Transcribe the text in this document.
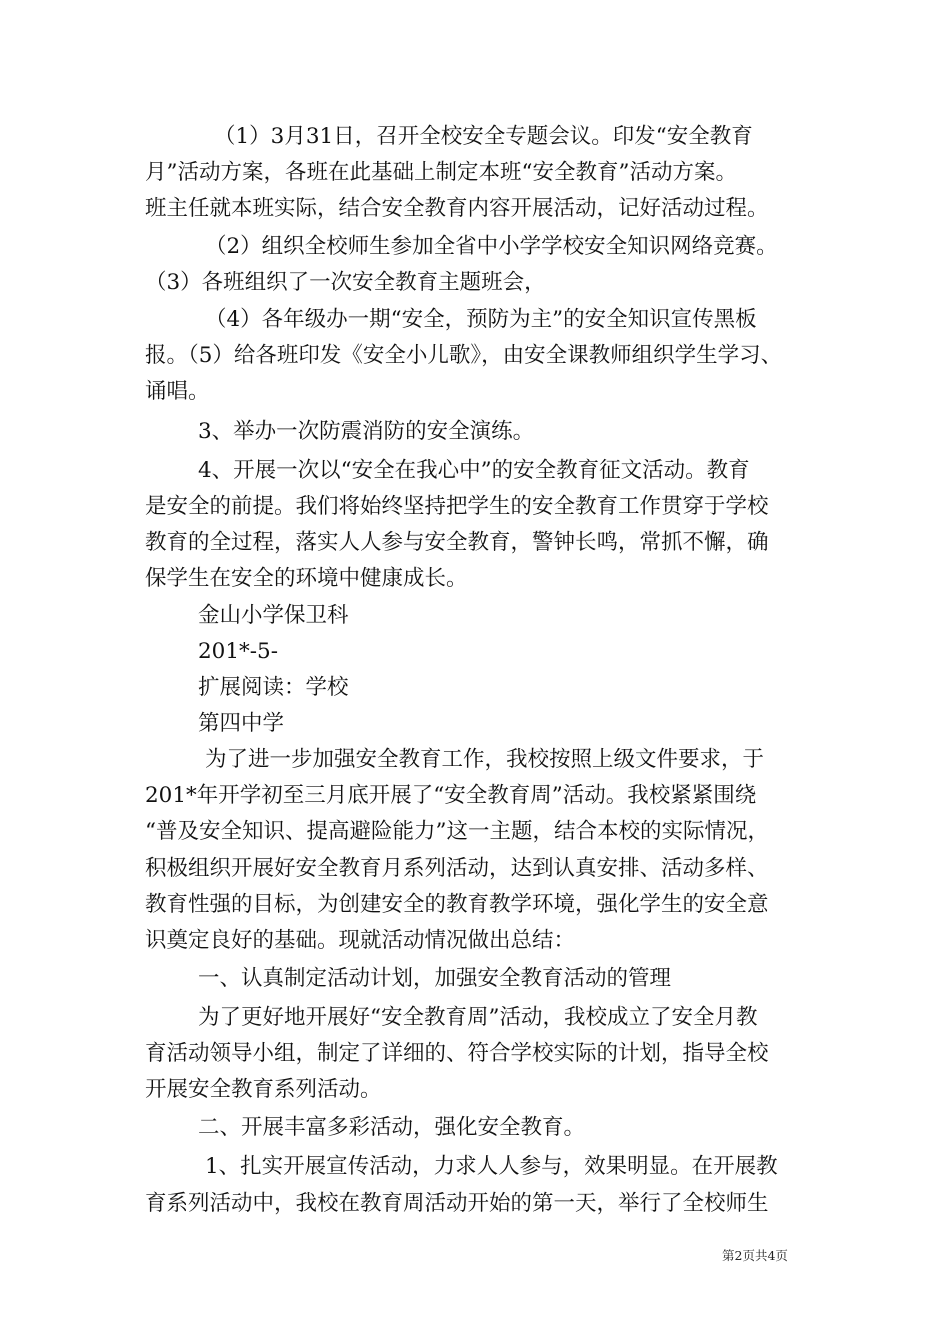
（1）3月31日，召开全校安全专题会议。印发“安全教育
月”活动方案，各班在此基础上制定本班“安全教育”活动方案。
班主任就本班实际，结合安全教育内容开展活动，记好活动过程。
（2）组织全校师生参加全省中小学学校安全知识网络竞赛。
（3）各班组织了一次安全教育主题班会，
（4）各年级办一期“安全，预防为主”的安全知识宣传黑板
报。（5）给各班印发《安全小儿歌》，由安全课教师组织学生学习、
诵唱。
3、举办一次防震消防的安全演练。
4、开展一次以“安全在我心中”的安全教育征文活动。教育
是安全的前提。我们将始终坚持把学生的安全教育工作贯穿于学校
教育的全过程，落实人人参与安全教育，警钟长鸣，常抓不懈，确
保学生在安全的环境中健康成长。
金山小学保卫科
201*-5-
扩展阅读：学校
第四中学
为了进一步加强安全教育工作，我校按照上级文件要求，于
201*年开学初至三月底开展了“安全教育周”活动。我校紧紧围绕
“普及安全知识、提高避险能力”这一主题，结合本校的实际情况，
积极组织开展好安全教育月系列活动，达到认真安排、活动多样、
教育性强的目标，为创建安全的教育教学环境，强化学生的安全意
识奠定良好的基础。现就活动情况做出总结：
一、认真制定活动计划，加强安全教育活动的管理
为了更好地开展好“安全教育周”活动，我校成立了安全月教
育活动领导小组，制定了详细的、符合学校实际的计划，指导全校
开展安全教育系列活动。
二、开展丰富多彩活动，强化安全教育。
1、扎实开展宣传活动，力求人人参与，效果明显。在开展教
育系列活动中，我校在教育周活动开始的第一天，举行了全校师生
第2页共4页
